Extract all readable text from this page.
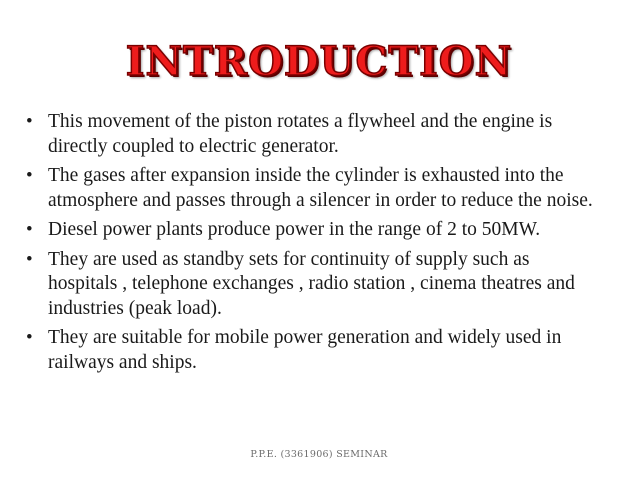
INTRODUCTION
• This movement of the piston rotates a flywheel and the engine is directly coupled to electric generator.
• The gases after expansion inside the cylinder is exhausted into the atmosphere and passes through a silencer in order to reduce the noise.
• Diesel power plants produce power in the range of 2 to 50MW.
• They are used as standby sets for continuity of supply such as hospitals , telephone exchanges , radio station , cinema theatres and industries (peak load).
• They are suitable for mobile power generation and widely used in railways and ships.
P.P.E. (3361906) SEMINAR
